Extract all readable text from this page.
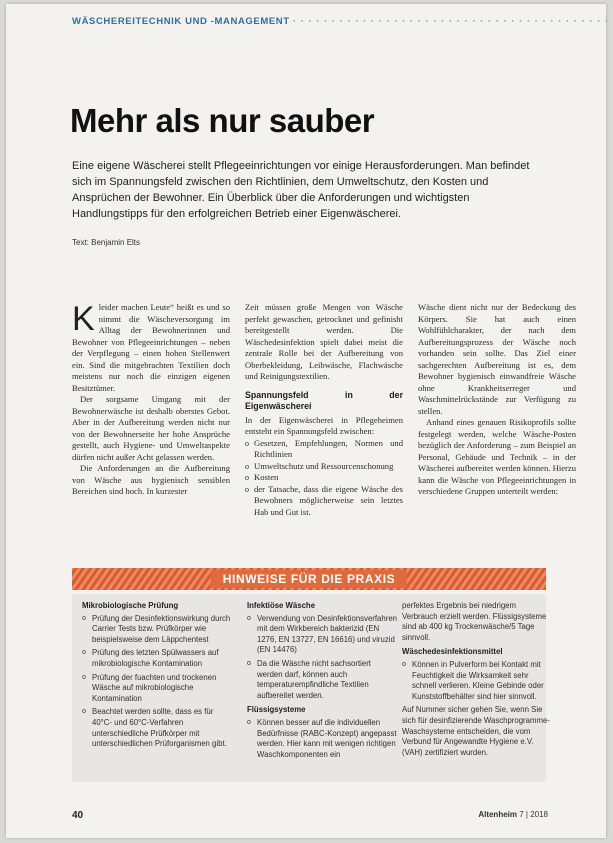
WÄSCHEREITECHNIK UND -MANAGEMENT · · · · · · · · · · · · · · · · · · · · · · · · · · · · · · · · · · · · · · · · ·
Mehr als nur sauber
Eine eigene Wäscherei stellt Pflegeeinrichtungen vor einige Herausforderungen. Man befindet sich im Spannungsfeld zwischen den Richtlinien, dem Umweltschutz, den Kosten und Ansprüchen der Bewohner. Ein Überblick über die Anforderungen und wichtigsten Handlungstipps für den erfolgreichen Betrieb einer Eigenwäscherei.
Text: Benjamin Elts
K leider machen Leute“ heißt es und so nimmt die Wäscheversorgung im Alltag der Bewohnerinnen und Bewohner von Pflegeeinrichtungen – neben der Verpflegung – einen hohen Stellenwert ein. Sind die mitgebrachten Textilien doch meistens nur noch die einzigen eigenen Besitztümer.

Der sorgsame Umgang mit der Bewohnerwäsche ist deshalb oberstes Gebot. Aber in der Aufbereitung werden nicht nur von der Bewohnerseite her hohe Ansprüche gestellt, auch Hygiene- und Umweltaspekte dürfen nicht außer Acht gelassen werden.

Die Anforderungen an die Aufbereitung von Wäsche aus hygienisch sensiblen Bereichen sind hoch. In kurzester

Zeit müssen große Mengen von Wäsche perfekt gewaschen, getrocknet und gefinisht bereitgestellt werden. Die Wäschedesinfektion spielt dabei meist die zentrale Rolle bei der Aufbereitung von Oberbekleidung, Leibwäsche, Flachwäsche und Reinigungstextilien.

Spannungsfeld in der Eigenwäscherei

In der Eigenwäscherei in Pflegeheimen entsteht ein Spannungsfeld zwischen:

o Gesetzen, Empfehlungen, Normen und Richtlinien
o Umweltschutz und Ressourcenschonung
o Kosten
o der Tatsache, dass die eigene Wäsche des Bewohners möglicherweise sein letztes Hab und Gut ist.

Wäsche dient nicht nur der Bedeckung des Körpers. Sie hat auch einen Wohlfühlcharakter, der nach dem Aufbereitungsprozess der Wäsche noch vorhanden sein sollte. Das Ziel einer sachgerechten Aufbereitung ist es, dem Bewohner hygienisch einwandfreie Wäsche ohne Krankheitserreger und Waschmittelrückstände zur Verfügung zu stellen.

Anhand eines genauen Risikoprofils sollte festgelegt werden, welche Wäsche-Posten bezüglich der Anforderung – zum Beispiel an Personal, Gebäude und Technik – in der Wäscherei aufbereitet werden können. Hierzu kann die Wäsche von Pflegeeinrichtungen in verschiedene Gruppen unterteilt werden:

HINWEISE FÜR DIE PRAXIS
Mikrobiologische Prüfung
o Prüfung der Desinfektionswirkung durch Carrier Tests bzw. Prüfkörper wie beispielsweise dem Läppchentest
o Prüfung des letzten Spülwassers auf mikrobiologische Kontamination
o Prüfung der fuachten und trockenen Wäsche auf mikrobiologische Kontamination
o Beachtet werden sollte, dass es für 40°C- und 60°C-Verfahren unterschiedliche Prüfkörper mit unterschiedlichen Prüforganismen gibt.
Infektiöse Wäsche
o Verwendung von Desinfektionsverfahren mit dem Wirkbereich bakterizid (EN 1276, EN 13727, EN 16616) und viruzid (EN 14476)
o Da die Wäsche nicht sachsortiert werden darf, können auch temperaturempfindliche Textilien aufbereitet werden.
Flüssigsysteme
o Können besser auf die individuellen Bedürfnisse (RABC-Konzept) angepasst werden. Hier kann mit wenigen richtigen Waschkomponenten ein

perfektes Ergebnis bei niedrigem Verbrauch erzielt werden. Flüssigsysteme sind ab 400 kg Trockenwäsche/5 Tage sinnvoll.

Wäschedesinfektionsmittel
o Können in Pulverform bei Kontakt mit Feuchtigkeit die Wirksamkeit sehr schnell verlieren. Kleine Gebinde oder Kunststoffbehälter sind hier sinnvoll.

Auf Nummer sicher gehen Sie, wenn Sie sich für desinfizierende Waschprogramme-Waschsysteme entscheiden, die vom Verbund für Angewandte Hygiene e.V. (VAH) zertifiziert wurden.

40	Altenheim 7 | 2018
